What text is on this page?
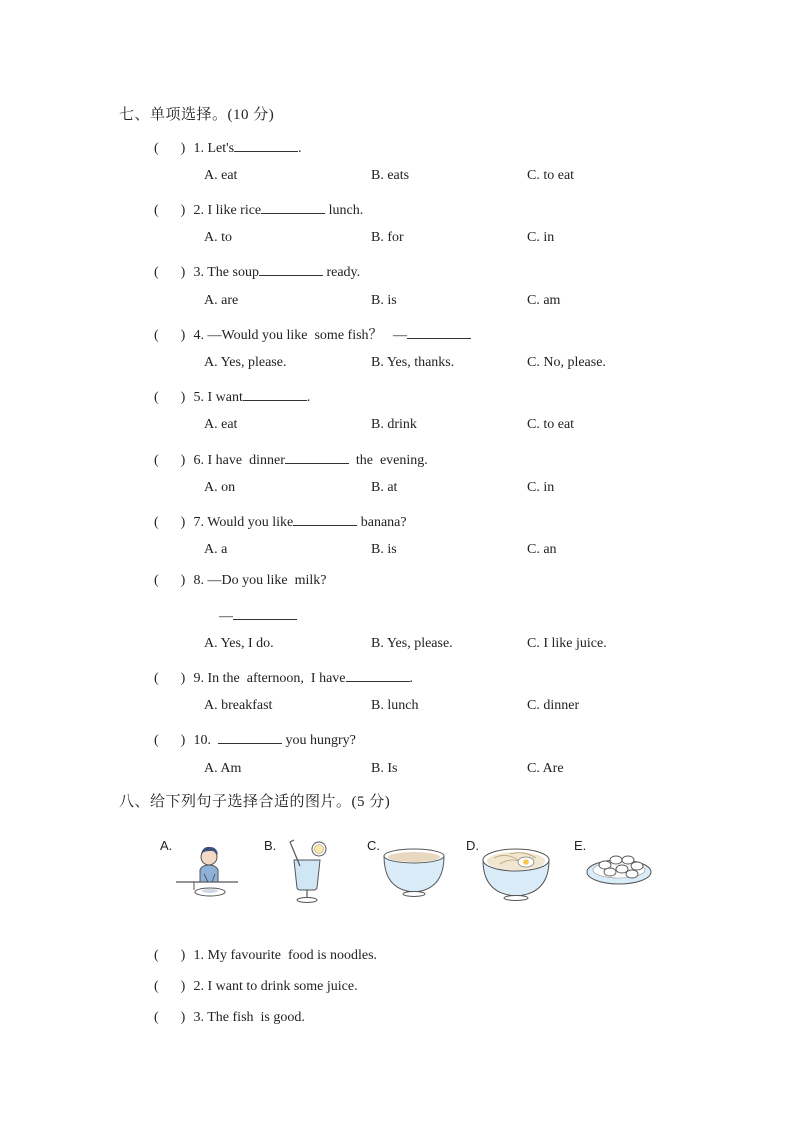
七、单项选择。(10 分)
( ) 1. Let's	.
A. eat	B. eats	C. to eat
( ) 2. I like rice	lunch.
A. to	B. for	C. in
( ) 3. The soup	ready.
A. are	B. is	C. am
( ) 4. —Would you like  some fish？   —
A. Yes, please.	B. Yes, thanks.	C. No, please.
( ) 5. I want	.
A. eat	B. drink	C. to eat
( ) 6. I have  dinner	the  evening.
A. on	B. at	C. in
( ) 7. Would you like	banana?
A. a	B. is	C. an
( ) 8. —Do you like  milk?
—
A. Yes, I do.	B. Yes, please.	C. I like juice.
( ) 9. In the  afternoon,  I have	.
A. breakfast	B. lunch	C. dinner
( ) 10.	you hungry?
A. Am	B. Is	C. Are
八、给下列句子选择合适的图片。(5 分)
A.	B.	C.	D.	E.
( ) 1. My favourite  food is noodles.
( ) 2. I want to drink some juice.
( ) 3. The fish  is good.
